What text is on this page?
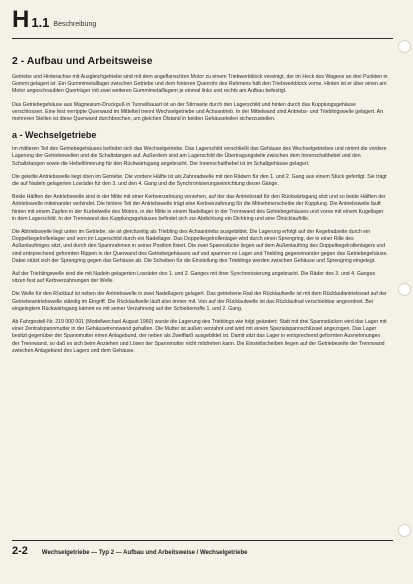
H 1.1 Beschreibung
2 - Aufbau und Arbeitsweise

Getriebe und Hinterachse mit Ausgleichgetriebe sind mit dem angeflanschten Motor zu einem Triebwerkblock vereinigt, der im Heck des Wagens an drei Punkten in Gummi gelagert ist. Ein Gummimetalllager zwischen Getriebe und dem hinteren Querrohr des Rahmens hält den Triebwerkblock vorne. Hinten ist er über einen am Motor angeschraubten Querträger mit zwei weiteren Gummimetalllagern je einmal links und rechts am Aufbau befestigt.

Das Getriebegehäuse aus Magnesium-Druckguß in Tunnelbauart ist an der Stirnseite durch den Lagerschild und hinten durch das Kupplungsgehäuse verschlossen. Eine fest verrippte Querwand im Mittelteil trennt Wechselgetriebe und Achsantrieb. In der Mittelwand sind Antriebs- und Trieblingswelle gelagert. An mehreren Stellen ist diese Querwand durchbrochen, um gleichen Ölstand in beiden Gehäuseteilen sicherzustellen.

a - Wechselgetriebe

Im mittleren Teil des Getriebegehäuses befindet sich das Wechselgetriebe. Das Lagerschild verschließt das Gehäuse des Wechselgetriebes und nimmt die vordere Lagerung der Getriebewellen und die Schaltstangen auf. Außerdem sind am Lagerschild die Übertragungsteile zwischen dem Innenschalthebel und den Schaltstangen sowie die Hebellömerung für den Rückwärtsgang angebracht. Der Innenschalthebel ist im Schaltgehäuse gelagert.

Die geteilte Antriebswelle liegt oben im Getriebe. Die vordere Hälfte ist als Zahnradwelle mit den Rädern für den 1. und 2. Gang aus einem Stück gefertigt. Sie trägt die auf Nadeln gelagerten Losräder für den 3. und den 4. Gang und die Synchronisierungseinrichtung dieser Gänge.

Beide Hälften der Antriebswelle sind in der Mitte mit einer Kerbverzahnung versehen, auf der das Antriebsrad für den Rückwärtsgang sitzt und so beide Hälften der Antriebswelle miteinander verbindet. Die hintere Teil der Antriebswelle trägt eine Kerbverzahnung für die Mitnehmerscheibe der Kupplung. Die Antriebswelle läuft hinten mit einem Zapfen in der Kurbelwelle des Motors, in der Mitte in einem Nadellager in der Trennwand des Getriebegehäuses und vorne mit einem Kugellager in dem Lagerschild. In der Trennwand des Kupplungsgehäuses befindet sich zur Abdichtung ein Dichtring und eine Ölrücklaufrille.

Die Abtriebswelle liegt unten im Getriebe, sie ist gleichzeitig als Triebling des Achsantriebs ausgebildet. Die Lagerung erfolgt auf der Kegelradseite durch ein Doppelkegelrollenlager und vorn im Lagerschild durch ein Nadellager. Das Doppelkegelrollenlager wird durch einen Sprengring, der in einer Rille des Außenlaufringes sitzt, und durch den Spannrahmen in seiner Position fixiert. Die zwei Spannstücke liegen auf dem Außenlaufring des Doppelkegelrollenlagers und sind entsprechend geformten Rippen in der Querwand des Getriebegehäuses auf und spannen es Lager und Triebling gegeneinander gegen das Getriebegehäuse. Dabei stützt sich der Sprengring gegen das Gehäuse ab. Die Scheiben für die Einstellung des Trieblings werden zwischen Gehäuse und Sprengring eingelegt.

Auf der Trieblingswelle sind die mit Nadeln gelagerten Losräder des 1. und 2. Ganges mit ihrer Synchronisierung angebracht. Die Räder des 3. und 4. Ganges sitzen fest auf Kerbverzahnungen der Welle.

Die Welle für den Rücklauf ist neben der Antriebswelle in zwei Nadellagern gelagert. Das getriebene Rad der Rücklaufwelle ist mit dem Rücklaufantriebsrad auf der Getriebeantriebswelle ständig im Eingriff. Die Rücklaufwelle läuft also immer mit. Von auf der Rücklaufwelle ist das Rücklaufrad verschiebbar angeordnet. Bei eingelegtem Rückwärtsgang kämmt es mit seiner Verzahnung auf der Schiebemuffe 1. und 2. Gang.

Ab Fahrgestell-Nr. 219 000 001 (Modellwechsel August 1960) wurde die Lagerung des Trieblings wie folgt geändert: Statt mit drei Spannstücken wird das Lager mit einer Zentralspannmutter in der Gehäusetrennwand gehalten. Die Mutter ist außen verzahnt und wird mit einem Spezialspannschlüssel angezogen. Das Lager besitzt gegenüber der Spannmutter einen Anlagebund, der neben als Zweiflarß ausgebildet ist. Damit sitzt das Lager in entsprechend geformten Ausnehmungen der Trennwand, so daß es sich beim Anziehen und Lösen der Spannmutter nicht mitdrehen kann. Die Einstellscheiben liegen auf der Getriebeseite der Trennwand zwischen Anlagebund des Lagers und dem Gehäuse.

2-2 Wechselgetriebe — Typ 2 — Aufbau und Arbeitsweise / Wechselgetriebe
